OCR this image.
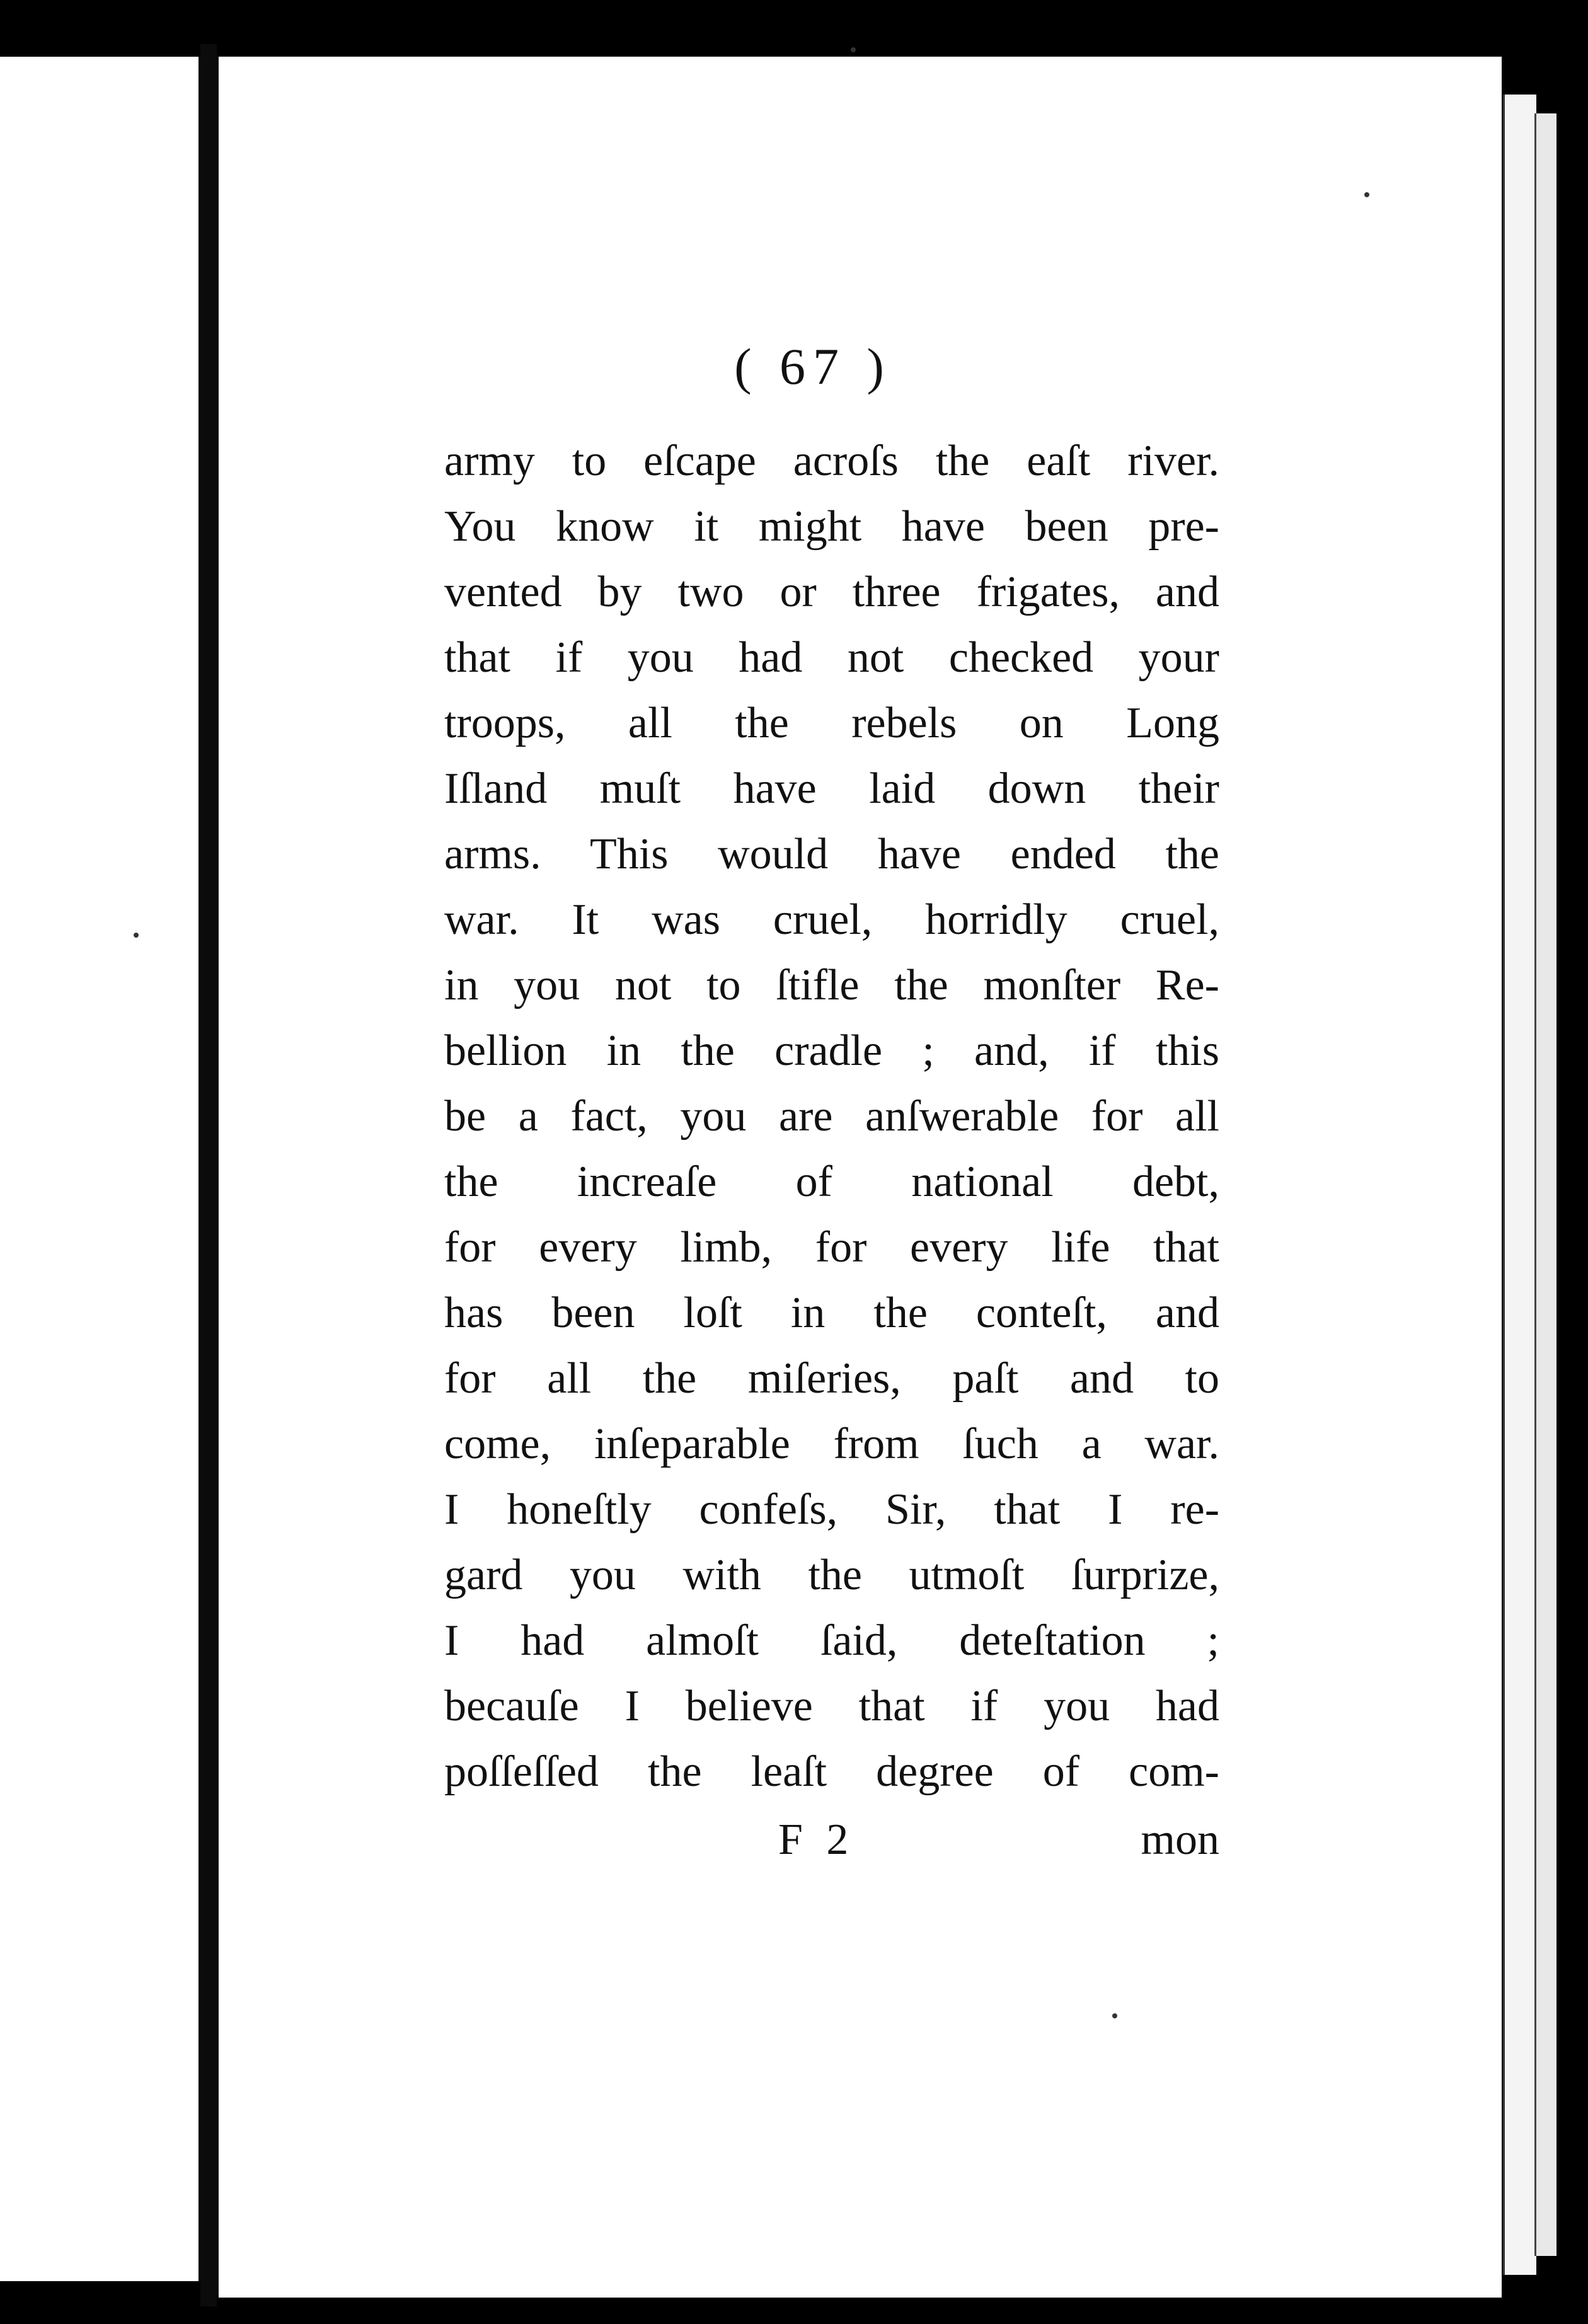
( 67 )
army to eſcape acroſs the eaſt river.
You know it might have been pre-
vented by two or three frigates, and
that if you had not checked your
troops, all the rebels on Long
Iſland muſt have laid down their
arms. This would have ended the
war. It was cruel, horridly cruel,
in you not to ſtifle the monſter Re-
bellion in the cradle ; and, if this
be a fact, you are anſwerable for all
the increaſe of national debt,
for every limb, for every life that
has been loſt in the conteſt, and
for all the miſeries, paſt and to
come, inſeparable from ſuch a war.
I honeſtly confeſs, Sir, that I re-
gard you with the utmoſt ſurprize,
I had almoſt ſaid, deteſtation ;
becauſe I believe that if you had
poſſeſſed the leaſt degree of com-
F 2	mon
